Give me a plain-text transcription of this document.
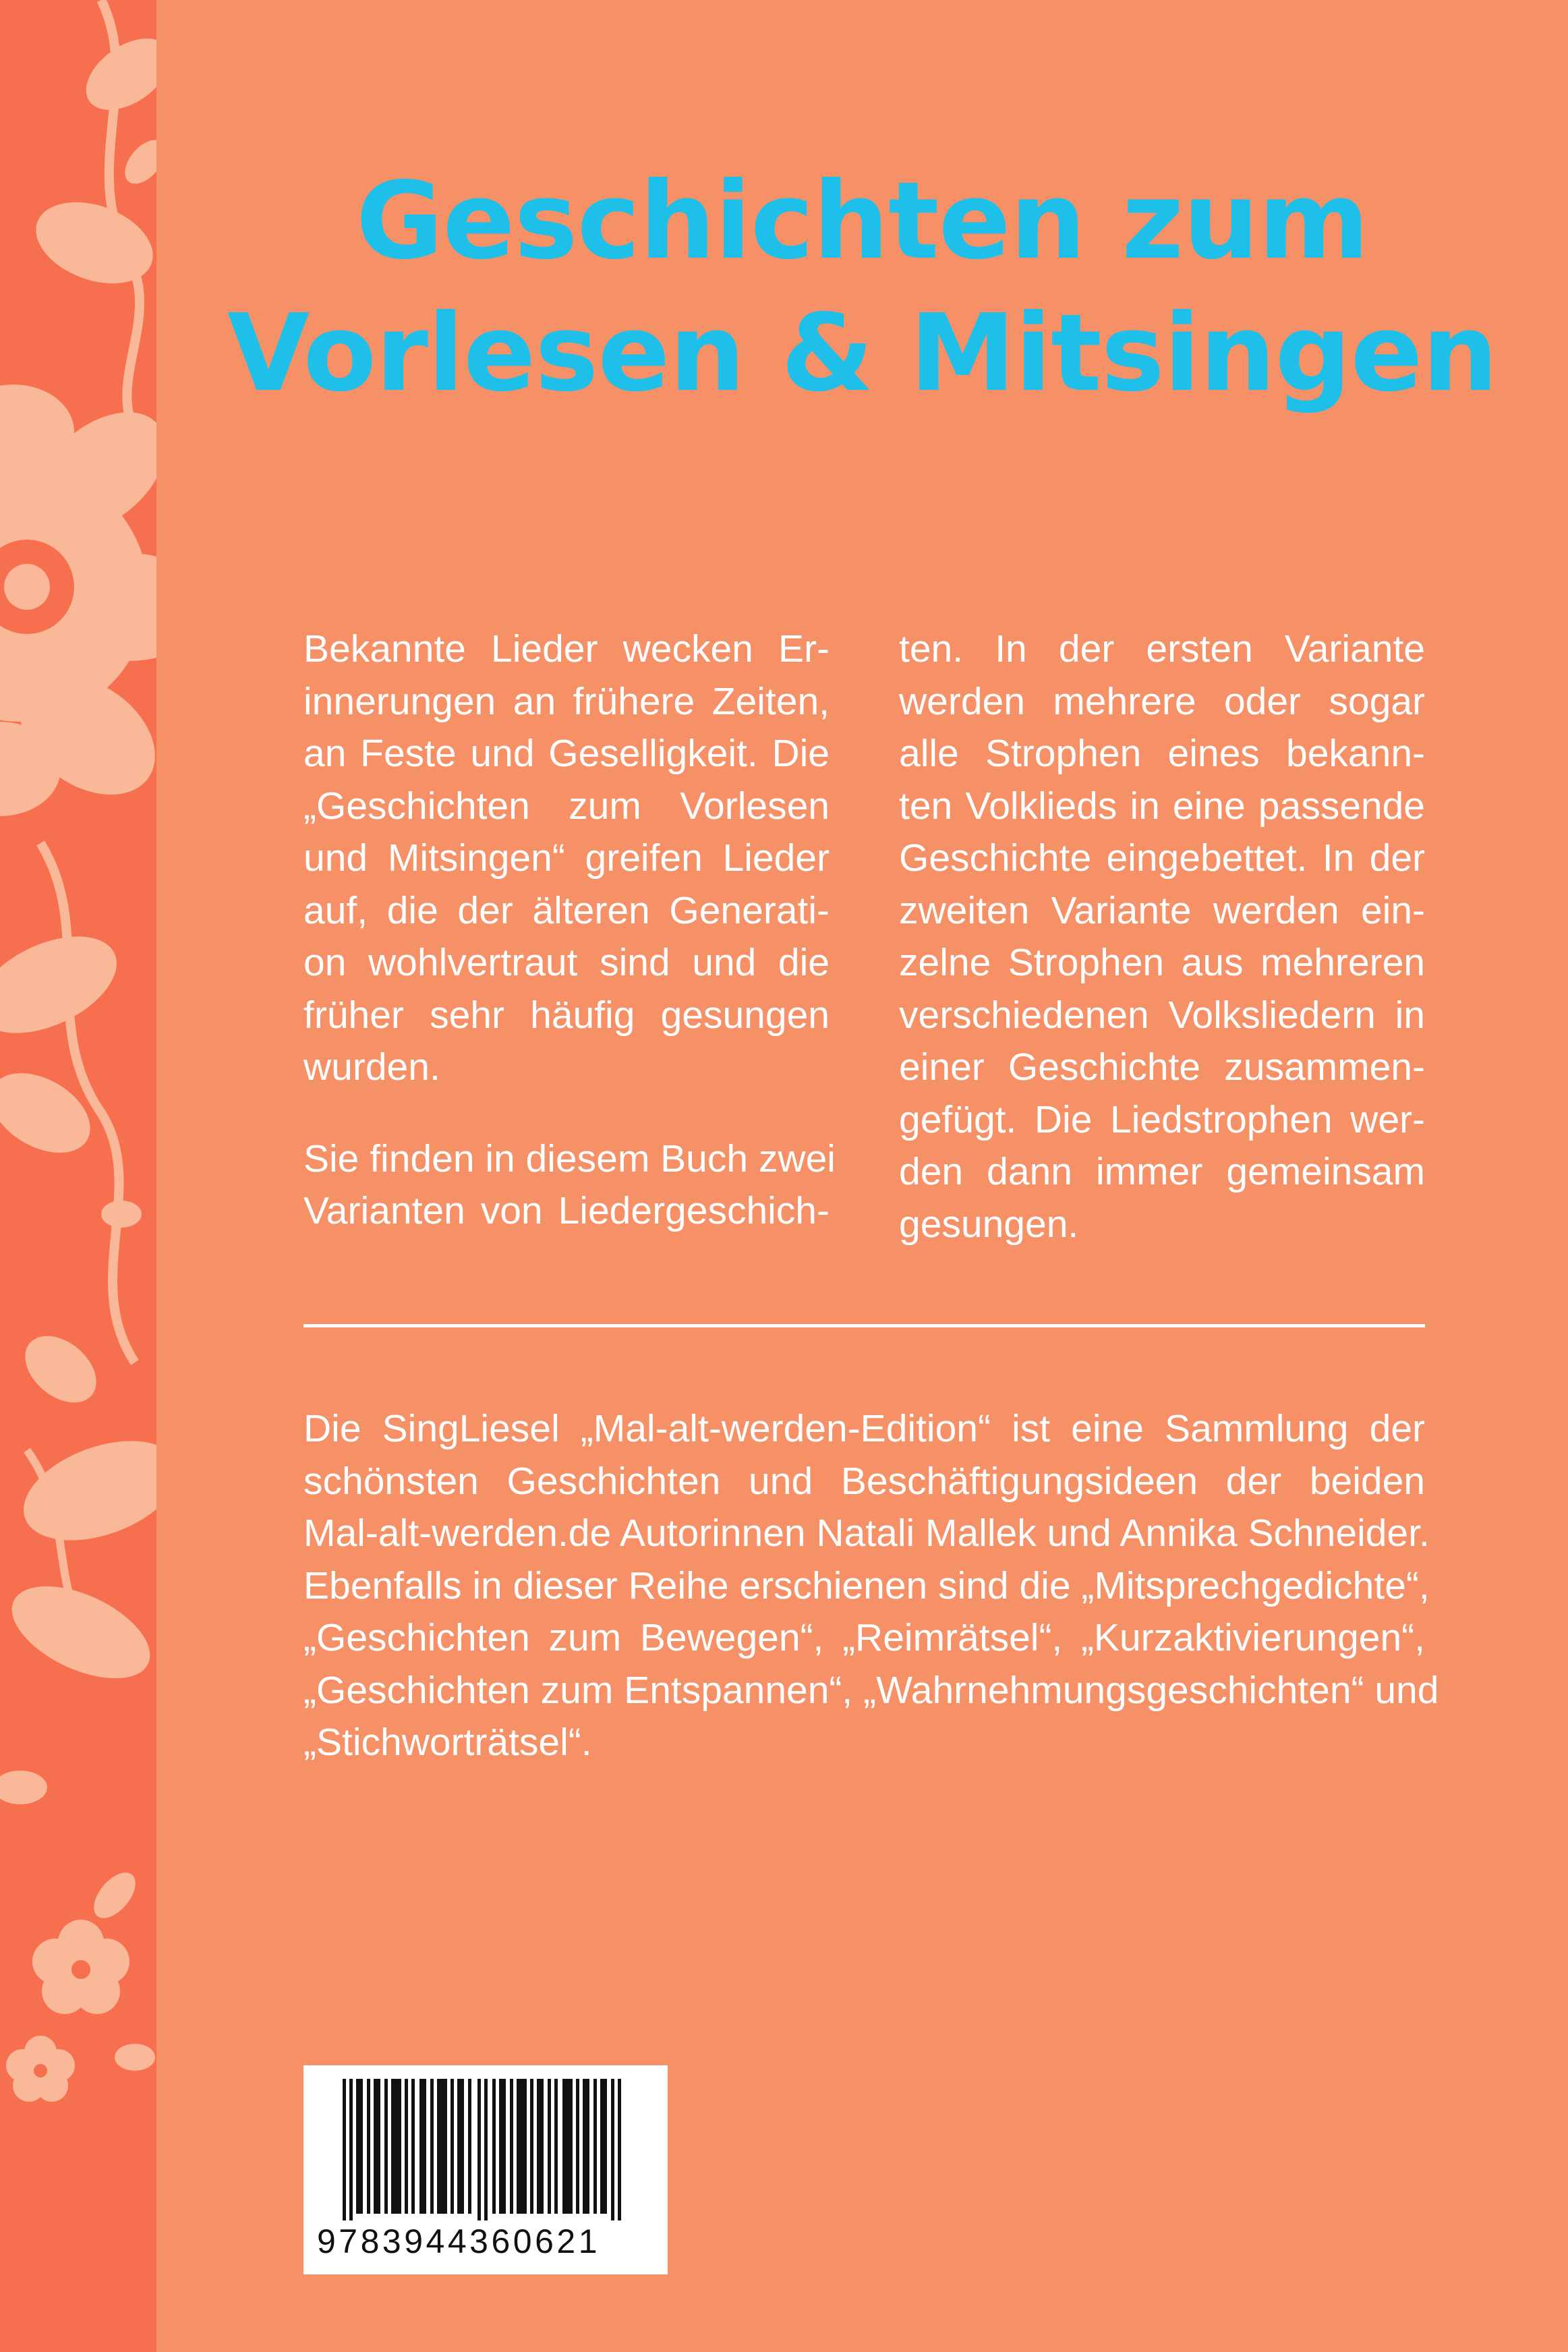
Geschichten zum
Vorlesen & Mitsingen
Bekannte Lieder wecken Er-
innerungen an frühere Zeiten,
an Feste und Geselligkeit. Die
„Geschichten zum Vorlesen
und Mitsingen“ greifen Lieder
auf, die der älteren Generati-
on wohlvertraut sind und die
früher sehr häufig gesungen
wurden.
Sie finden in diesem Buch zwei
Varianten von Liedergeschich-
ten. In der ersten Variante
werden mehrere oder sogar
alle Strophen eines bekann-
ten Volklieds in eine passende
Geschichte eingebettet. In der
zweiten Variante werden ein-
zelne Strophen aus mehreren
verschiedenen Volksliedern in
einer Geschichte zusammen-
gefügt. Die Liedstrophen wer-
den dann immer gemeinsam
gesungen.
Die SingLiesel „Mal-alt-werden-Edition“ ist eine Sammlung der
schönsten Geschichten und Beschäftigungsideen der beiden
Mal-alt-werden.de Autorinnen Natali Mallek und Annika Schneider.
Ebenfalls in dieser Reihe erschienen sind die „Mitsprechgedichte“,
„Geschichten zum Bewegen“, „Reimrätsel“, „Kurzaktivierungen“,
„Geschichten zum Entspannen“, „Wahrnehmungsgeschichten“ und
„Stichworträtsel“.

9783944360621
